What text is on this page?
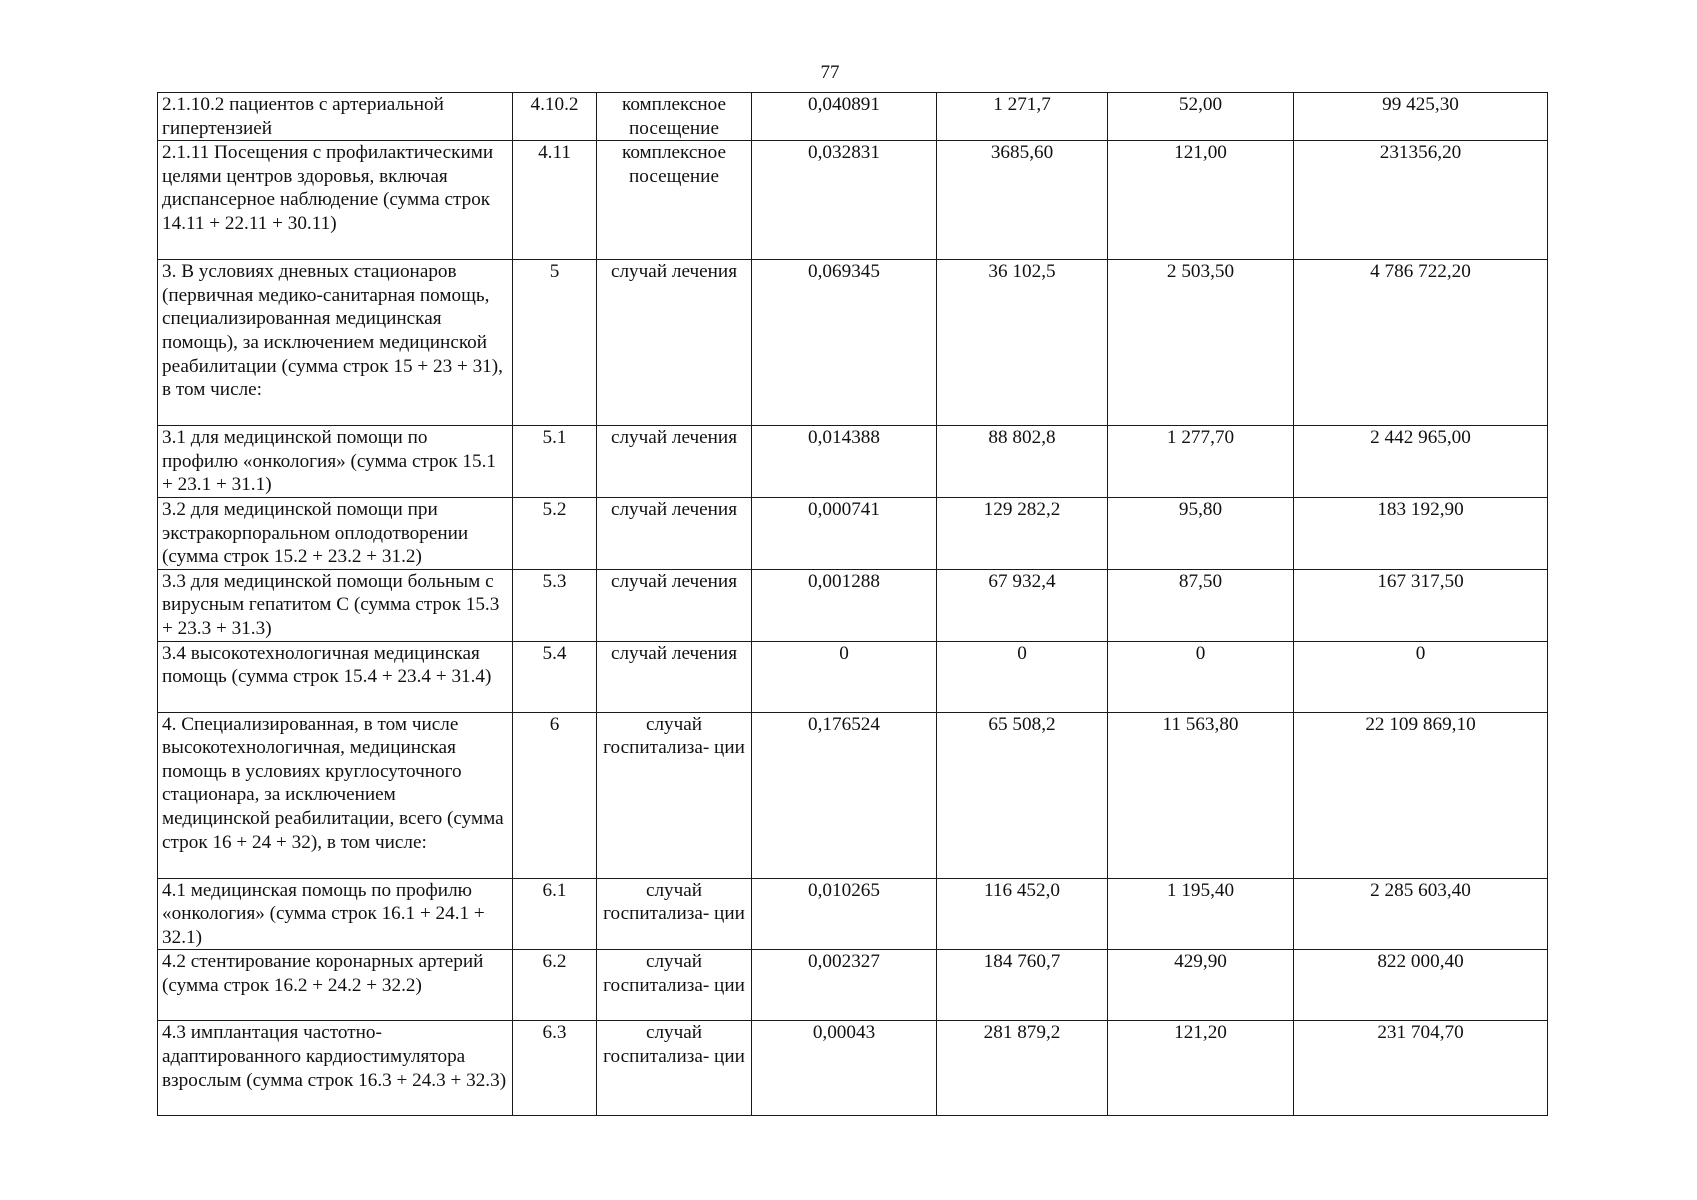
77
2.1.10.2 пациентов с артериальной гипертензией	4.10.2	комплексное посещение	0,040891	1 271,7	52,00	99 425,30
2.1.11 Посещения с профилактическими целями центров здоровья, включая диспансерное наблюдение (сумма строк 14.11 + 22.11 + 30.11)	4.11	комплексное посещение	0,032831	3685,60	121,00	231356,20
3. В условиях дневных стационаров (первичная медико-санитарная помощь, специализированная медицинская помощь), за исключением медицинской реабилитации (сумма строк 15 + 23 + 31), в том числе:	5	случай лечения	0,069345	36 102,5	2 503,50	4 786 722,20
3.1 для медицинской помощи по профилю «онкология» (сумма строк 15.1 + 23.1 + 31.1)	5.1	случай лечения	0,014388	88 802,8	1 277,70	2 442 965,00
3.2 для медицинской помощи при экстракорпоральном оплодотворении (сумма строк 15.2 + 23.2 + 31.2)	5.2	случай лечения	0,000741	129 282,2	95,80	183 192,90
3.3 для медицинской помощи больным с вирусным гепатитом С (сумма строк 15.3 + 23.3 + 31.3)	5.3	случай лечения	0,001288	67 932,4	87,50	167 317,50
3.4 высокотехнологичная медицинская помощь (сумма строк 15.4 + 23.4 + 31.4)	5.4	случай лечения	0	0	0	0
4. Специализированная, в том числе высокотехнологичная, медицинская помощь в условиях круглосуточного стационара, за исключением медицинской реабилитации, всего (сумма строк 16 + 24 + 32), в том числе:	6	случай госпитализа- ции	0,176524	65 508,2	11 563,80	22 109 869,10
4.1 медицинская помощь по профилю «онкология» (сумма строк 16.1 + 24.1 + 32.1)	6.1	случай госпитализа- ции	0,010265	116 452,0	1 195,40	2 285 603,40
4.2 стентирование коронарных артерий (сумма строк 16.2 + 24.2 + 32.2)	6.2	случай госпитализа- ции	0,002327	184 760,7	429,90	822 000,40
4.3 имплантация частотно-адаптированного кардиостимулятора взрослым (сумма строк 16.3 + 24.3 + 32.3)	6.3	случай госпитализа- ции	0,00043	281 879,2	121,20	231 704,70
